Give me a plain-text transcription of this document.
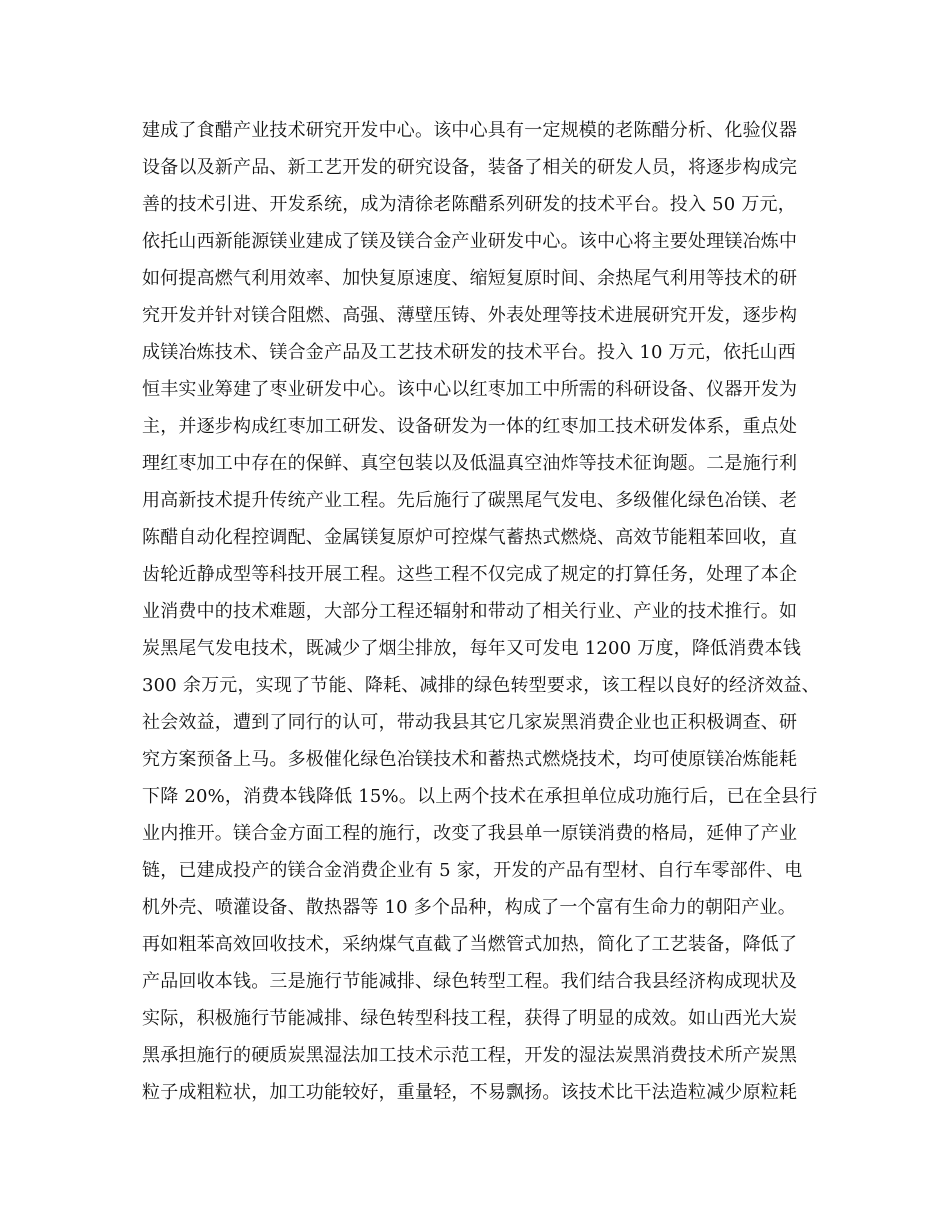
建成了食醋产业技术研究开发中心。该中心具有一定规模的老陈醋分析、化验仪器
设备以及新产品、新工艺开发的研究设备，装备了相关的研发人员，将逐步构成完
善的技术引进、开发系统，成为清徐老陈醋系列研发的技术平台。投入 50 万元，
依托山西新能源镁业建成了镁及镁合金产业研发中心。该中心将主要处理镁冶炼中
如何提高燃气利用效率、加快复原速度、缩短复原时间、余热尾气利用等技术的研
究开发并针对镁合阻燃、高强、薄壁压铸、外表处理等技术进展研究开发，逐步构
成镁冶炼技术、镁合金产品及工艺技术研发的技术平台。投入 10 万元，依托山西
恒丰实业筹建了枣业研发中心。该中心以红枣加工中所需的科研设备、仪器开发为
主，并逐步构成红枣加工研发、设备研发为一体的红枣加工技术研发体系，重点处
理红枣加工中存在的保鲜、真空包装以及低温真空油炸等技术征询题。二是施行利
用高新技术提升传统产业工程。先后施行了碳黑尾气发电、多级催化绿色冶镁、老
陈醋自动化程控调配、金属镁复原炉可控煤气蓄热式燃烧、高效节能粗苯回收，直
齿轮近静成型等科技开展工程。这些工程不仅完成了规定的打算任务，处理了本企
业消费中的技术难题，大部分工程还辐射和带动了相关行业、产业的技术推行。如
炭黑尾气发电技术，既减少了烟尘排放，每年又可发电 1200 万度，降低消费本钱
300 余万元，实现了节能、降耗、减排的绿色转型要求，该工程以良好的经济效益、
社会效益，遭到了同行的认可，带动我县其它几家炭黑消费企业也正积极调查、研
究方案预备上马。多极催化绿色冶镁技术和蓄热式燃烧技术，均可使原镁冶炼能耗
下降 20%，消费本钱降低 15%。以上两个技术在承担单位成功施行后，已在全县行
业内推开。镁合金方面工程的施行，改变了我县单一原镁消费的格局，延伸了产业
链，已建成投产的镁合金消费企业有 5 家，开发的产品有型材、自行车零部件、电
机外壳、喷灌设备、散热器等 10 多个品种，构成了一个富有生命力的朝阳产业。
再如粗苯高效回收技术，采纳煤气直截了当燃管式加热，简化了工艺装备，降低了
产品回收本钱。三是施行节能减排、绿色转型工程。我们结合我县经济构成现状及
实际，积极施行节能减排、绿色转型科技工程，获得了明显的成效。如山西光大炭
黑承担施行的硬质炭黑湿法加工技术示范工程，开发的湿法炭黑消费技术所产炭黑
粒子成粗粒状，加工功能较好，重量轻，不易飘扬。该技术比干法造粒减少原粒耗
